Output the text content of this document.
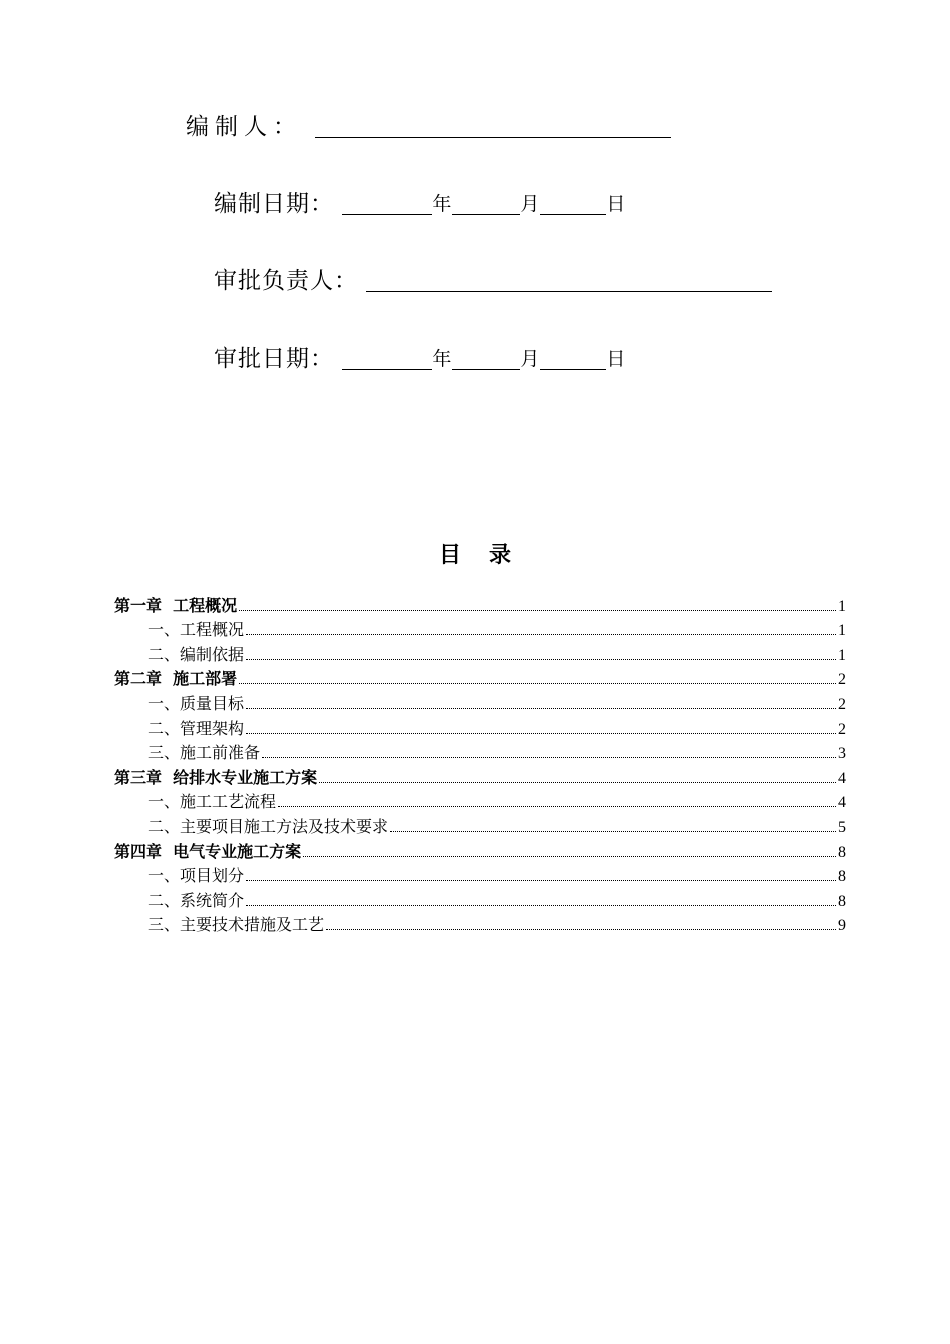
编制人：
编制日期：	年	月	日
审批负责人：
审批日期：	年	月	日
目 录
第一章 工程概况	1
一、 工程概况	1
二、 编制依据	1
第二章 施工部署	2
一、 质量目标	2
二、 管理架构	2
三、 施工前准备	3
第三章 给排水专业施工方案	4
一、 施工工艺流程	4
二、 主要项目施工方法及技术要求	5
第四章 电气专业施工方案	8
一、 项目划分	8
二、 系统简介	8
三、 主要技术措施及工艺	9
